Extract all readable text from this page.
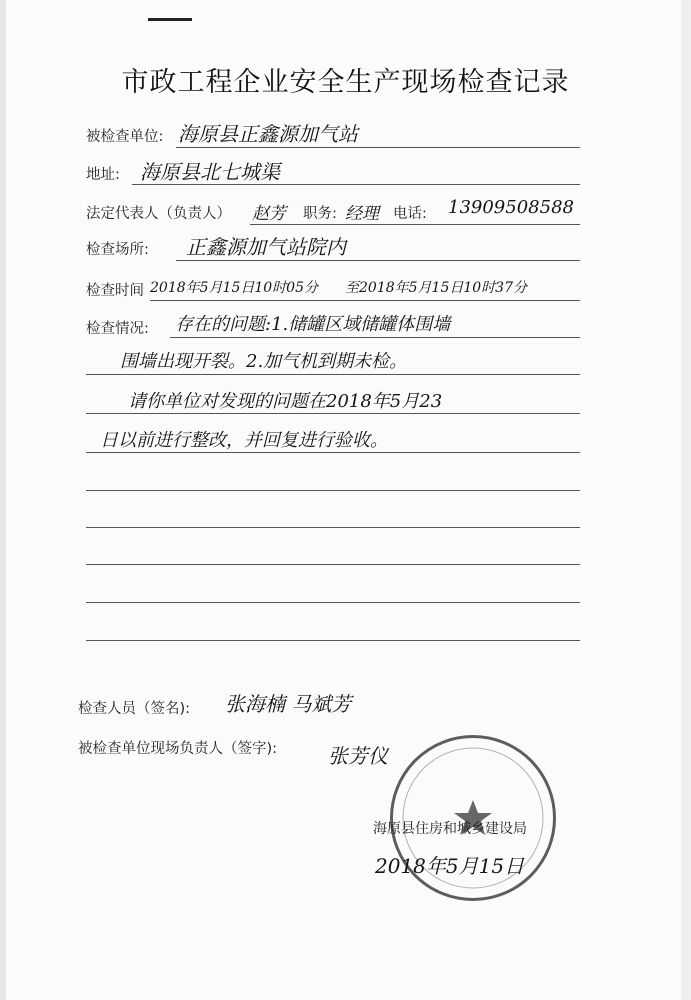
市政工程企业安全生产现场检查记录
被检查单位: 海原县正鑫源加气站
地址: 海原县北七城渠
法定代表人（负责人） 赵芳 职务: 经理 电话: 13909508588
检查场所: 正鑫源加气站院内
检查时间 2018年5月15日10时05分 至2018年5月15日10时37分
检查情况: 存在的问题:1.储罐区域储罐体围墙
围墙出现开裂。2.加气机到期未检。
请你单位对发现的问题在2018年5月23
日以前进行整改，并回复进行验收。
检查人员（签名): 张海楠 马斌芳
被检查单位现场负责人（签字):	张芳仪
海原县住房和城乡建设局
2018年5月15日
